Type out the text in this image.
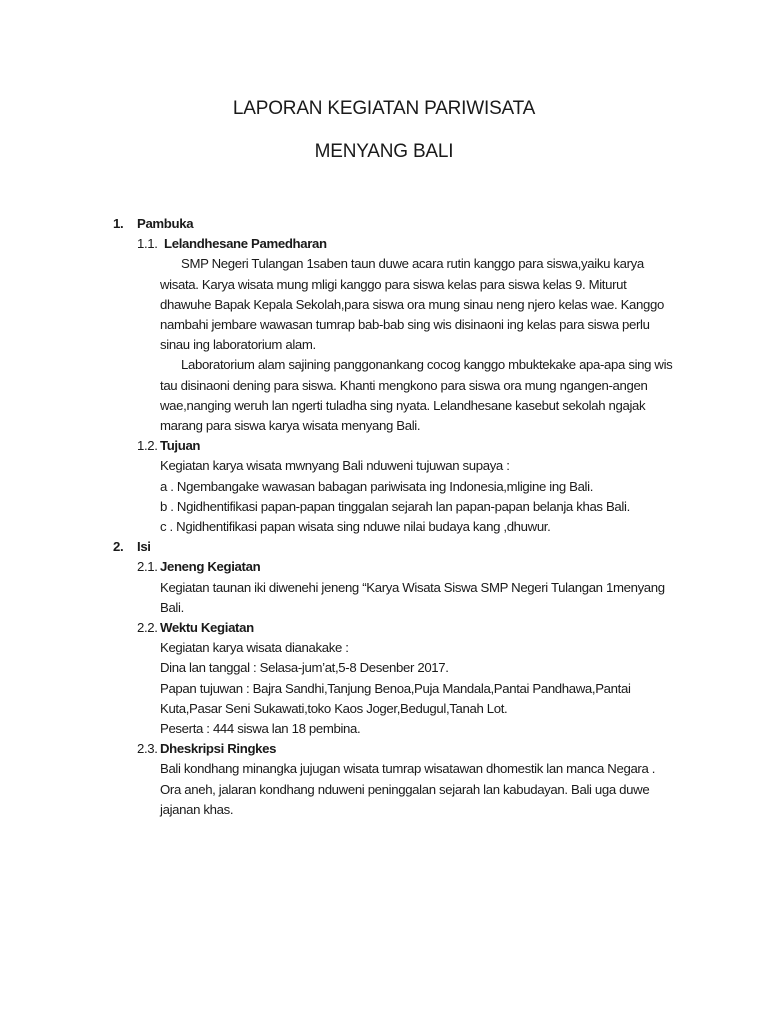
LAPORAN KEGIATAN PARIWISATA
MENYANG BALI
1. Pambuka
1.1. Lelandhesane Pamedharan
SMP Negeri Tulangan 1saben taun duwe acara rutin kanggo para siswa,yaiku karya
wisata. Karya wisata mung mligi kanggo para siswa kelas para siswa kelas 9. Miturut
dhawuhe Bapak Kepala Sekolah,para siswa ora mung sinau neng njero kelas wae. Kanggo
nambahi jembare wawasan tumrap bab-bab sing wis disinaoni ing kelas para siswa perlu
sinau ing laboratorium alam.
Laboratorium alam sajining panggonankang cocog kanggo mbuktekake apa-apa sing wis
tau disinaoni dening para siswa. Khanti mengkono para siswa ora mung ngangen-angen
wae,nanging weruh lan ngerti tuladha sing nyata. Lelandhesane kasebut sekolah ngajak
marang para siswa karya wisata menyang Bali.
1.2. Tujuan
Kegiatan karya wisata mwnyang Bali nduweni tujuwan supaya :
a . Ngembangake wawasan babagan pariwisata ing Indonesia,mligine ing Bali.
b . Ngidhentifikasi papan-papan tinggalan sejarah lan papan-papan belanja khas Bali.
c . Ngidhentifikasi papan wisata sing nduwe nilai budaya kang ,dhuwur.
2. Isi
2.1. Jeneng Kegiatan
Kegiatan taunan iki diwenehi jeneng “Karya Wisata Siswa SMP Negeri Tulangan 1menyang
Bali.
2.2. Wektu Kegiatan
Kegiatan karya wisata dianakake :
Dina lan tanggal : Selasa-jum’at,5-8 Desenber 2017.
Papan tujuwan : Bajra Sandhi,Tanjung Benoa,Puja Mandala,Pantai Pandhawa,Pantai
Kuta,Pasar Seni Sukawati,toko Kaos Joger,Bedugul,Tanah Lot.
Peserta : 444 siswa lan 18 pembina.
2.3. Dheskripsi Ringkes
Bali kondhang minangka jujugan wisata tumrap wisatawan dhomestik lan manca Negara .
Ora aneh, jalaran kondhang nduweni peninggalan sejarah lan kabudayan. Bali uga duwe
jajanan khas.
